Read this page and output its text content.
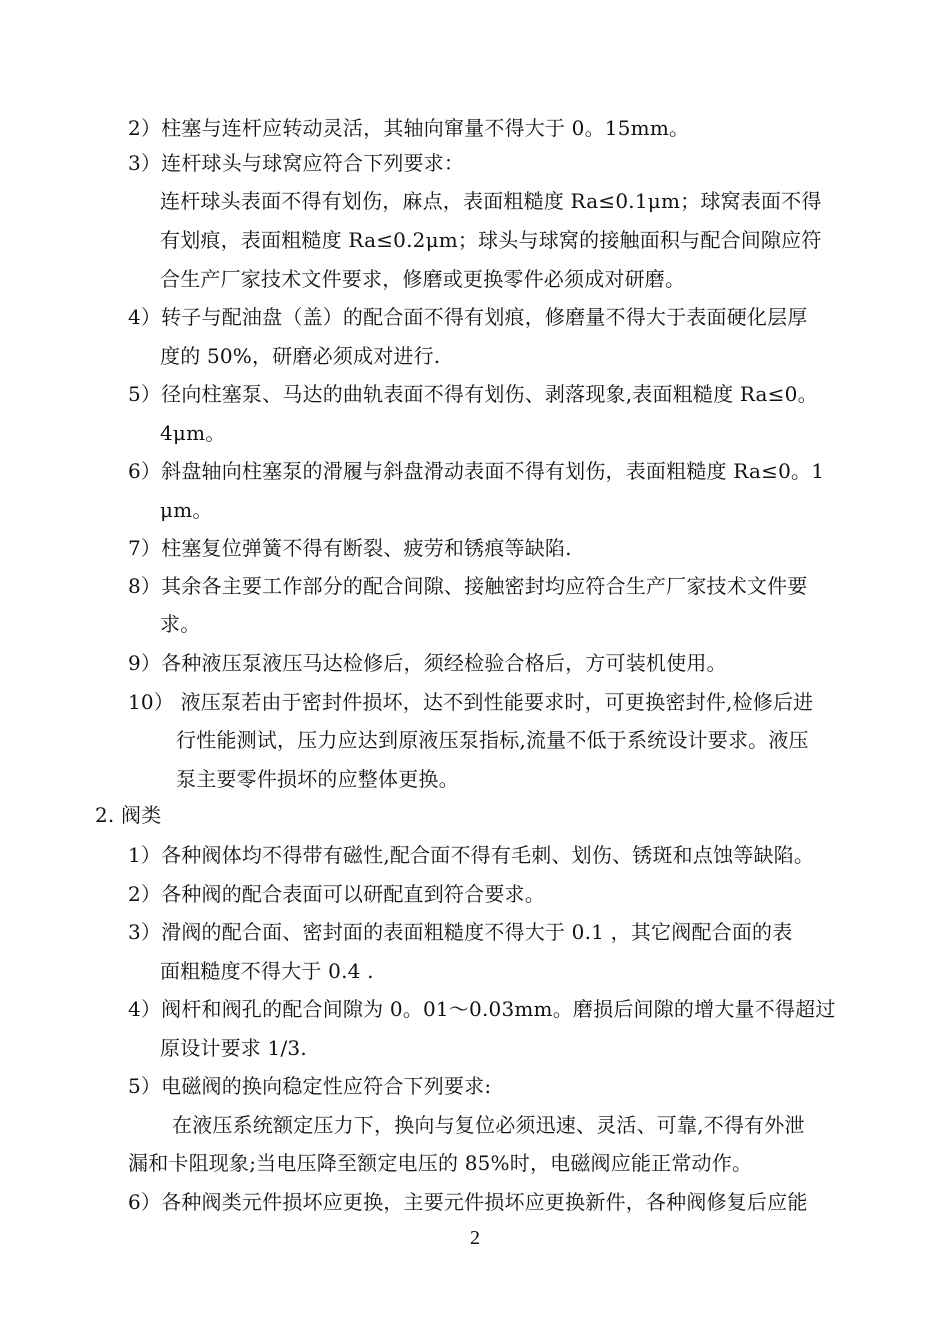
2）柱塞与连杆应转动灵活，其轴向窜量不得大于 0。15mm。
3）连杆球头与球窝应符合下列要求：
连杆球头表面不得有划伤，麻点，表面粗糙度 Ra≤0.1μm；球窝表面不得
有划痕，表面粗糙度 Ra≤0.2μm；球头与球窝的接触面积与配合间隙应符
合生产厂家技术文件要求，修磨或更换零件必须成对研磨。
4）转子与配油盘（盖）的配合面不得有划痕，修磨量不得大于表面硬化层厚
度的 50%，研磨必须成对进行.
5）径向柱塞泵、马达的曲轨表面不得有划伤、剥落现象,表面粗糙度 Ra≤0。
4μm。
6）斜盘轴向柱塞泵的滑履与斜盘滑动表面不得有划伤，表面粗糙度 Ra≤0。1
μm。
7）柱塞复位弹簧不得有断裂、疲劳和锈痕等缺陷.
8）其余各主要工作部分的配合间隙、接触密封均应符合生产厂家技术文件要
求。
9）各种液压泵液压马达检修后，须经检验合格后，方可装机使用。
10） 液压泵若由于密封件损坏，达不到性能要求时，可更换密封件,检修后进
行性能测试，压力应达到原液压泵指标,流量不低于系统设计要求。液压
泵主要零件损坏的应整体更换。
2. 阀类
1）各种阀体均不得带有磁性,配合面不得有毛刺、划伤、锈斑和点蚀等缺陷。
2）各种阀的配合表面可以研配直到符合要求。
3）滑阀的配合面、密封面的表面粗糙度不得大于 0.1 ，其它阀配合面的表
面粗糙度不得大于 0.4 .
4）阀杆和阀孔的配合间隙为 0。01～0.03mm。磨损后间隙的增大量不得超过
原设计要求 1/3.
5）电磁阀的换向稳定性应符合下列要求:
在液压系统额定压力下，换向与复位必须迅速、灵活、可靠,不得有外泄
漏和卡阻现象;当电压降至额定电压的 85%时，电磁阀应能正常动作。
6）各种阀类元件损坏应更换，主要元件损坏应更换新件，各种阀修复后应能
2
